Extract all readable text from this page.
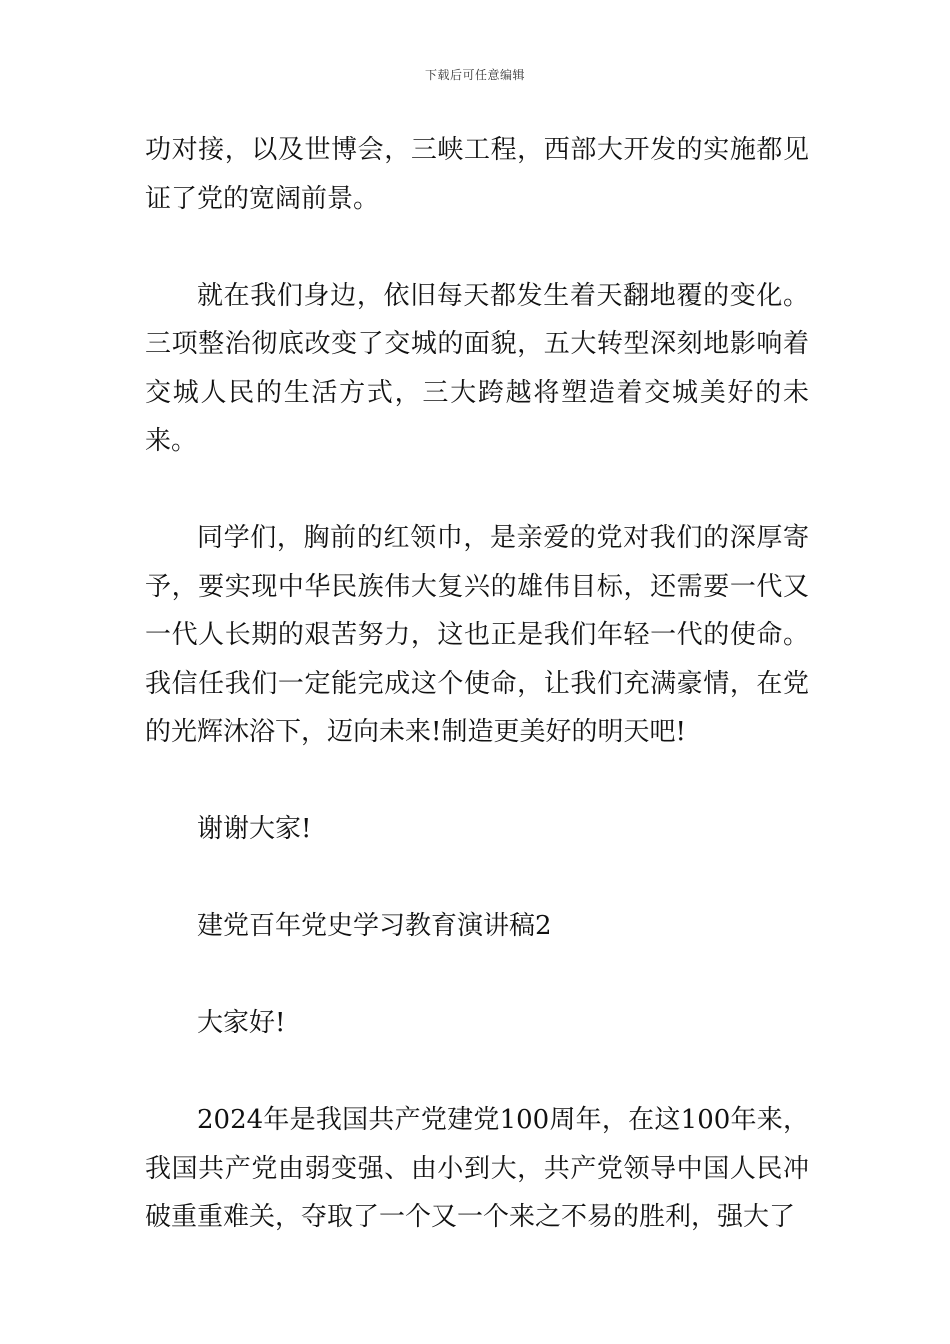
下载后可任意编辑

功对接，以及世博会，三峡工程，西部大开发的实施都见证了党的宽阔前景。

就在我们身边，依旧每天都发生着天翻地覆的变化。三项整治彻底改变了交城的面貌，五大转型深刻地影响着交城人民的生活方式，三大跨越将塑造着交城美好的未来。

同学们，胸前的红领巾，是亲爱的党对我们的深厚寄予，要实现中华民族伟大复兴的雄伟目标，还需要一代又一代人长期的艰苦努力，这也正是我们年轻一代的使命。我信任我们一定能完成这个使命，让我们充满豪情，在党的光辉沐浴下，迈向未来!制造更美好的明天吧!

谢谢大家!

建党百年党史学习教育演讲稿2

大家好!

2024年是我国共产党建党100周年，在这100年来，我国共产党由弱变强、由小到大，共产党领导中国人民冲破重重难关，夺取了一个又一个来之不易的胜利，强大了
